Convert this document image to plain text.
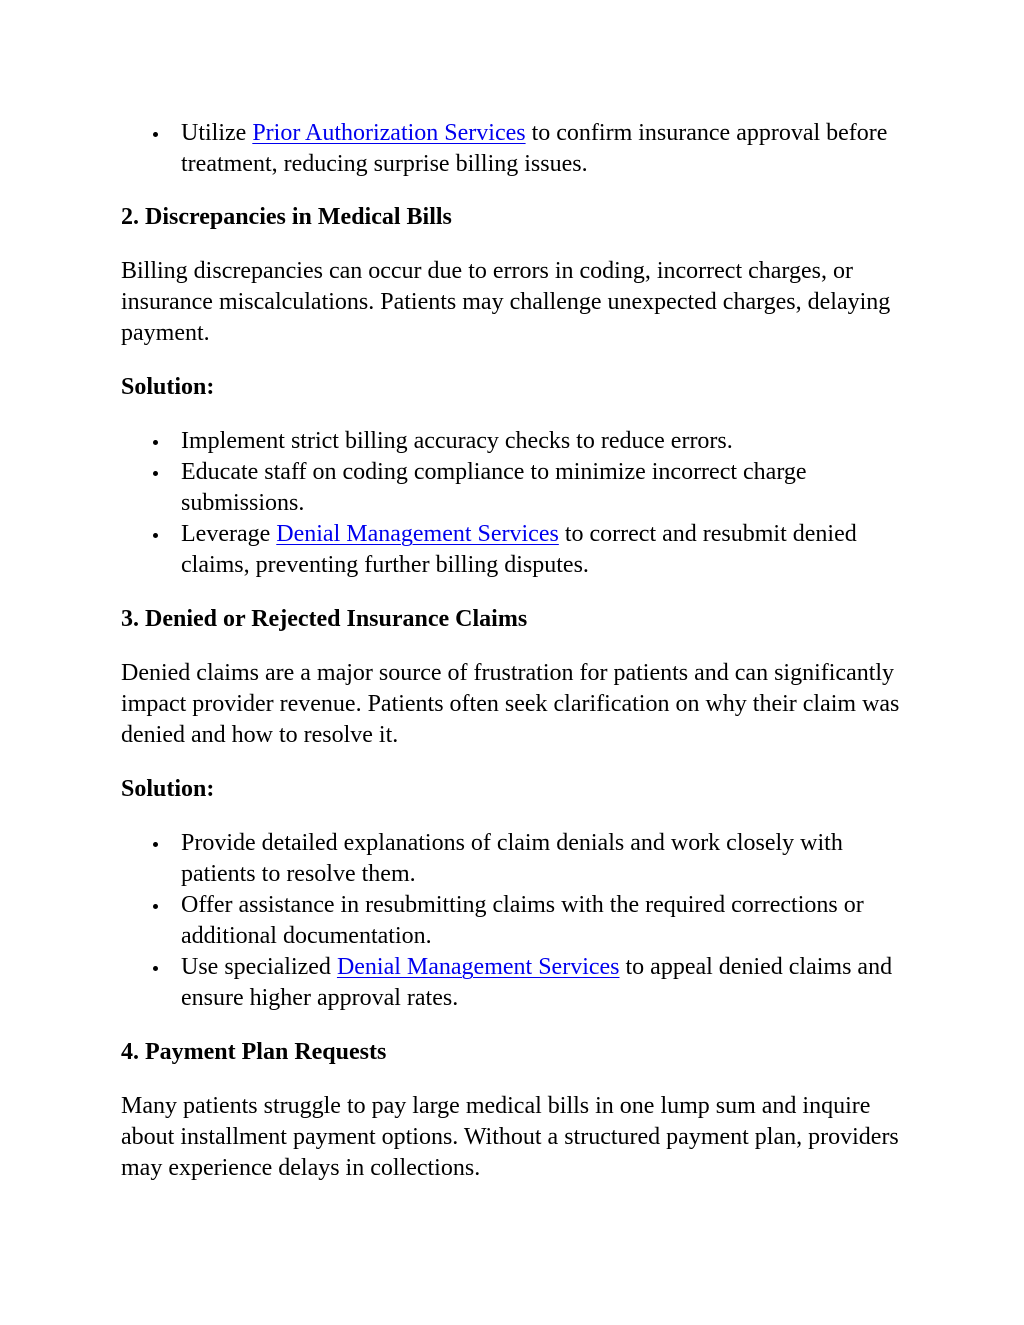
Utilize Prior Authorization Services to confirm insurance approval before treatment, reducing surprise billing issues.
2. Discrepancies in Medical Bills

Billing discrepancies can occur due to errors in coding, incorrect charges, or insurance miscalculations. Patients may challenge unexpected charges, delaying payment.

Solution:

Implement strict billing accuracy checks to reduce errors.
Educate staff on coding compliance to minimize incorrect charge submissions.
Leverage Denial Management Services to correct and resubmit denied claims, preventing further billing disputes.
3. Denied or Rejected Insurance Claims

Denied claims are a major source of frustration for patients and can significantly impact provider revenue. Patients often seek clarification on why their claim was denied and how to resolve it.

Solution:

Provide detailed explanations of claim denials and work closely with patients to resolve them.
Offer assistance in resubmitting claims with the required corrections or additional documentation.
Use specialized Denial Management Services to appeal denied claims and ensure higher approval rates.
4. Payment Plan Requests

Many patients struggle to pay large medical bills in one lump sum and inquire about installment payment options. Without a structured payment plan, providers may experience delays in collections.
